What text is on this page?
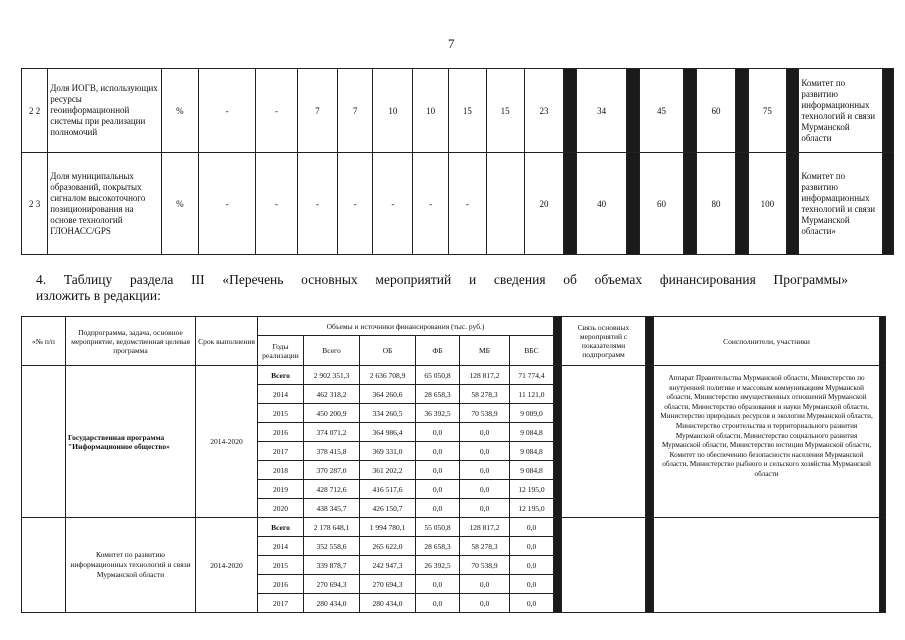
7
2 2	Доля ИОГВ, использующих ресурсы геоинформационной системы при реализации полномочий	%	-	-	7	7	10	10	15	15	23		34		45		60		75		Комитет по развитию информационных технологий и связи Мурманской области	
2 3	Доля муниципальных образований, покрытых сигналом высокоточного позиционирования на основе технологий ГЛОНАСС/GPS	%	-	-	-	-	-	-	-		20		40		60		80		100		Комитет по развитию информационных технологий и связи Мурманской области»	
4. Таблицу раздела III «Перечень основных мероприятий и сведения об объемах финансирования Программы»
изложить в редакции:
«№ п/п	Подпрограмма, задача, основное мероприятие, ведомственная целевая программа	Срок выполнения	Объемы и источники финансирования (тыс. руб.)							Связь основных мероприятий с показателями подпрограмм		Соисполнители, участники	
			Годы реализации	Всего	ОБ	ФБ	МБ	ВБС					
	Государственная программа "Информационное общество»	2014-2020	Всего	2 902 351,3	2 636 708,9	65 050,8	128 817,2	71 774,4				Аппарат Правительства Мурманской области, Министерство по внутренней политике и массовым коммуникациям Мурманской области, Министерство имущественных отношений Мурманской области, Министерство образования и науки Мурманской области, Министерство природных ресурсов и экологии Мурманской области, Министерство строительства и территориального развития Мурманской области, Министерство социального развития Мурманской области, Министерство юстиции Мурманской области, Комитет по обеспечению безопасности населения Мурманской области, Министерство рыбного и сельского хозяйства Мурманской области	
			2014	462 318,2	364 260,6	28 658,3	58 278,3	11 121,0					
			2015	450 200,9	334 260,5	36 392,5	70 538,9	9 009,0					
			2016	374 071,2	364 986,4	0,0	0,0	9 084,8					
			2017	378 415,8	369 331,0	0,0	0,0	9 084,8					
			2018	370 287,0	361 202,2	0,0	0,0	9 084,8					
			2019	428 712,6	416 517,6	0,0	0,0	12 195,0					
			2020	438 345,7	426 150,7	0,0	0,0	12 195,0					
	Комитет по развитию информационных технологий и связи Мурманской области	2014-2020	Всего	2 178 648,1	1 994 780,1	55 050,8	128 817,2	0,0					
			2014	352 558,6	265 622,0	28 658,3	58 278,3	0,0					
			2015	339 878,7	242 947,3	26 392,5	70 538,9	0,0					
			2016	270 694,3	270 694,3	0,0	0,0	0,0					
			2017	280 434,0	280 434,0	0,0	0,0	0,0					
